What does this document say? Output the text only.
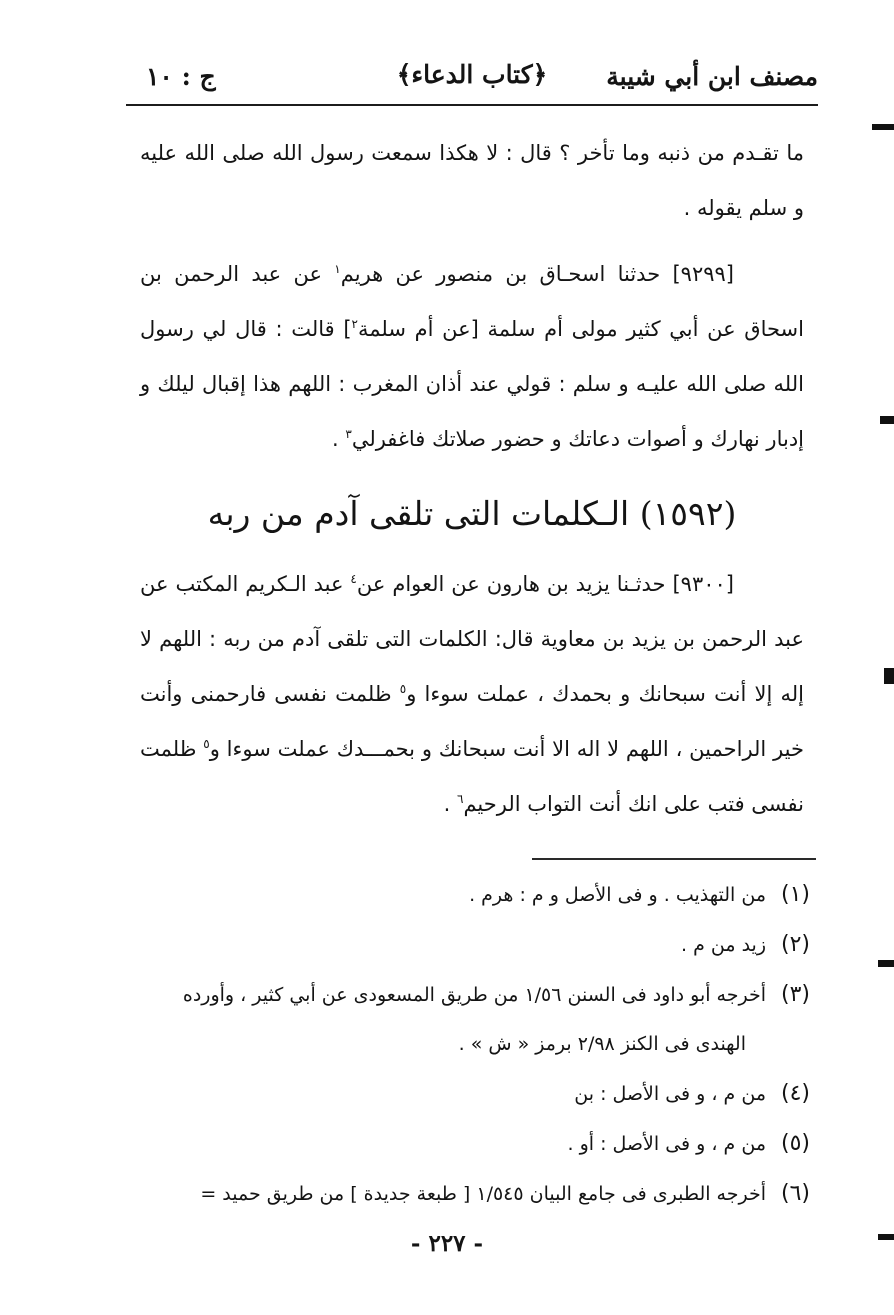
مصنف ابن أبي شيبة
﴿كتاب الدعاء﴾
ج : ١٠

ما تقـدم من ذنبه وما تأخر ؟ قال : لا هكذا سمعت رسول الله صلى الله عليه و سلم يقوله .

[٩٢٩٩] حدثنا اسحـاق بن منصور عن هريم$^١$ عن عبد الرحمن بن اسحاق عن أبي كثير مولى أم سلمة [عن أم سلمة$^٢$] قالت : قال لي رسول الله صلى الله عليـه و سلم : قولي عند أذان المغرب : اللهم هذا إقبال ليلك و إدبار نهارك و أصوات دعاتك و حضور صلاتك فاغفرلي$^٣$ .

(١٥٩٢) الـكلمات التى تلقى آدم من ربه

[٩٣٠٠] حدثـنا يزيد بن هارون عن العوام عن$^٤$ عبد الـكريم المكتب عن عبد الرحمن بن يزيد بن معاوية قال: الكلمات التى تلقى آدم من ربه : اللهم لا إله إلا أنت سبحانك و بحمدك ، عملت سوءا و$^٥$ ظلمت نفسى فارحمنى وأنت خير الراحمين ، اللهم لا اله الا أنت سبحانك و بحمـــدك عملت سوءا و$^٥$ ظلمت نفسى فتب على انك أنت التواب الرحيم$^٦$ .

(١)من التهذيب . و فى الأصل و م : هرم .

(٢)زيد من م .

(٣)أخرجه أبو داود فى السنن ١/٥٦ من طريق المسعودى عن أبي كثير ، وأورده

الهندى فى الكنز ٢/٩٨ برمز « ش » .

(٤)من م ، و فى الأصل : بن

(٥)من م ، و فى الأصل : أو .

(٦)أخرجه الطبرى فى جامع البيان ١/٥٤٥ [ طبعة جديدة ] من طريق حميد =

- ٢٢٧ -
